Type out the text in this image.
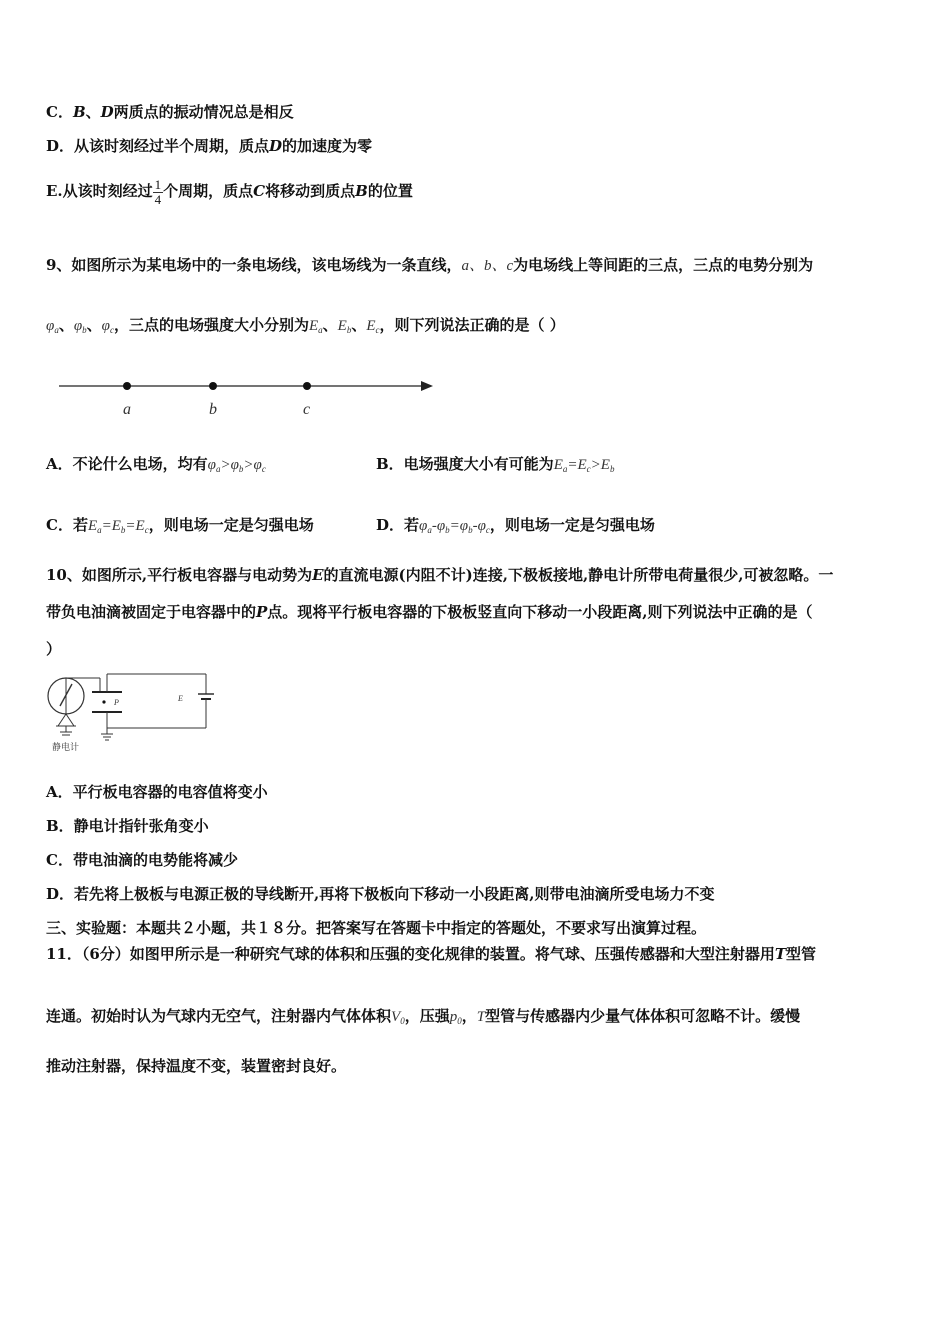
C．B、D两质点的振动情况总是相反
D．从该时刻经过半个周期，质点D的加速度为零
E.从该时刻经过 $\frac{1}{4}$ 个周期，质点C将移动到质点B的位置
9、如图所示为某电场中的一条电场线，该电场线为一条直线，a、b、c为电场线上等间距的三点，三点的电势分别为
$\varphi_a$、$\varphi_b$、$\varphi_c$，三点的电场强度大小分别为$E_a$、$E_b$、$E_c$，则下列说法正确的是（ ）
a	b	c
A．不论什么电场，均有$\varphi_a>\varphi_b>\varphi_c$	B．电场强度大小有可能为$E_a=E_c>E_b$
C．若$E_a=E_b=E_c$，则电场一定是匀强电场	D．若$\varphi_a-\varphi_b=\varphi_b-\varphi_c$，则电场一定是匀强电场
10、如图所示,平行板电容器与电动势为E的直流电源(内阻不计)连接,下极板接地,静电计所带电荷量很少,可被忽略。一
带负电油滴被固定于电容器中的P点。现将平行板电容器的下极板竖直向下移动一小段距离,则下列说法中正确的是（
）
P	E
静电计
A．平行板电容器的电容值将变小
B．静电计指针张角变小
C．带电油滴的电势能将减少
D．若先将上极板与电源正极的导线断开,再将下极板向下移动一小段距离,则带电油滴所受电场力不变
三、实验题：本题共２小题，共１８分。把答案写在答题卡中指定的答题处，不要求写出演算过程。
11．（6分）如图甲所示是一种研究气球的体积和压强的变化规律的装置。将气球、压强传感器和大型注射器用T型管
连通。初始时认为气球内无空气，注射器内气体体积$V_0$，压强$p_0$，T型管与传感器内少量气体体积可忽略不计。缓慢
推动注射器，保持温度不变，装置密封良好。
